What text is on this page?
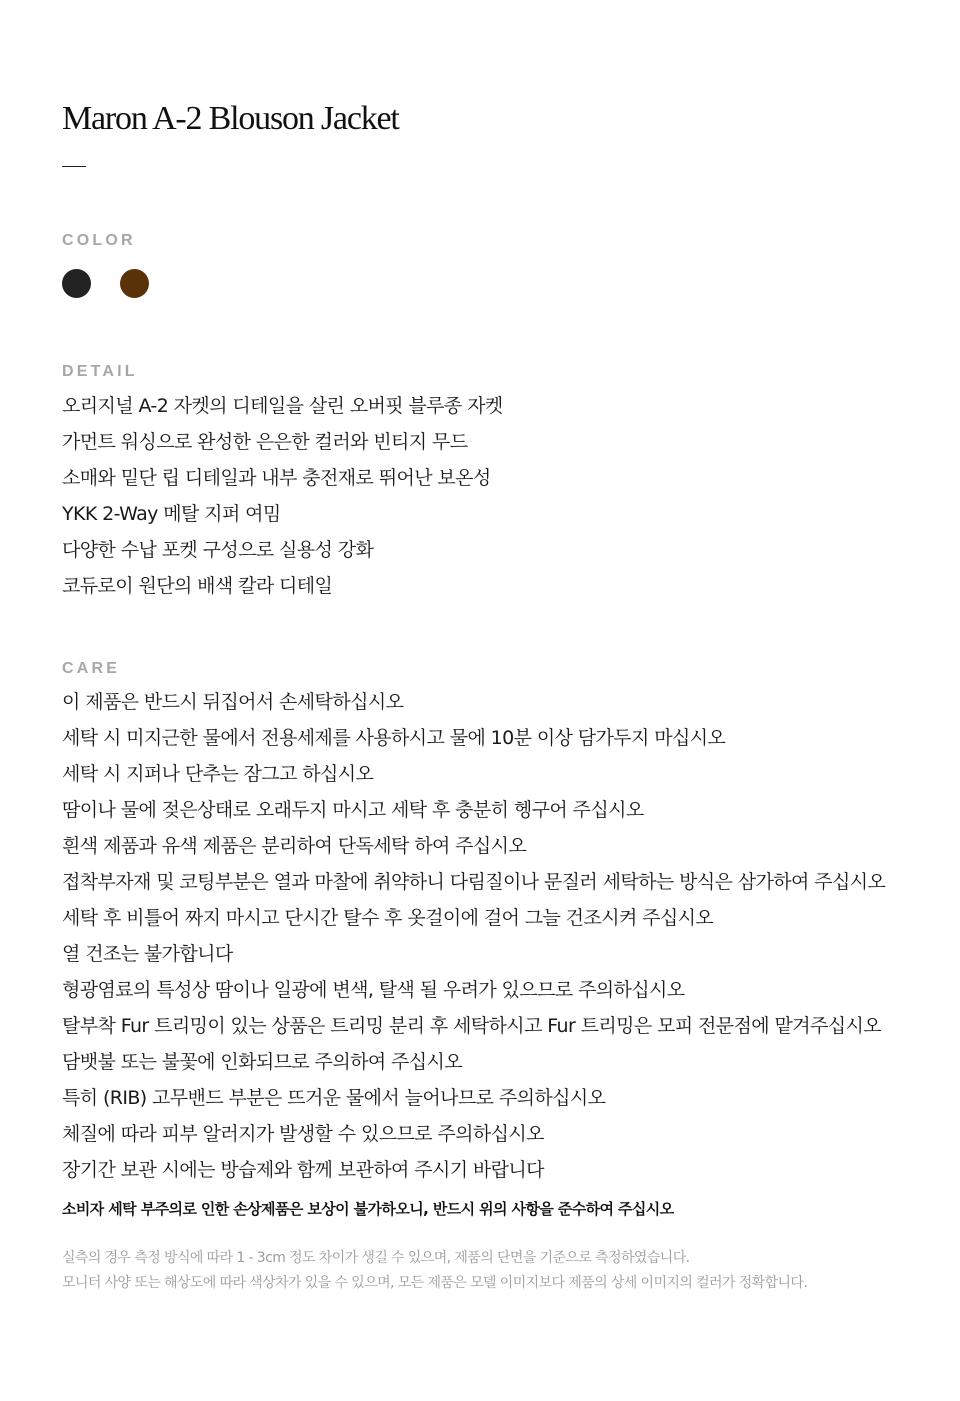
Maron A-2 Blouson Jacket
COLOR
DETAIL
오리지널 A-2 자켓의 디테일을 살린 오버핏 블루종 자켓
가먼트 워싱으로 완성한 은은한 컬러와 빈티지 무드
소매와 밑단 립 디테일과 내부 충전재로 뛰어난 보온성
YKK 2-Way 메탈 지퍼 여밈
다양한 수납 포켓 구성으로 실용성 강화
코듀로이 원단의 배색 칼라 디테일
CARE
이 제품은 반드시 뒤집어서 손세탁하십시오
세탁 시 미지근한 물에서 전용세제를 사용하시고 물에 10분 이상 담가두지 마십시오
세탁 시 지퍼나 단추는 잠그고 하십시오
땀이나 물에 젖은상태로 오래두지 마시고 세탁 후 충분히 헹구어 주십시오
흰색 제품과 유색 제품은 분리하여 단독세탁 하여 주십시오
접착부자재 및 코팅부분은 열과 마찰에 취약하니 다림질이나 문질러 세탁하는 방식은 삼가하여 주십시오
세탁 후 비틀어 짜지 마시고 단시간 탈수 후 옷걸이에 걸어 그늘 건조시켜 주십시오
열 건조는 불가합니다
형광염료의 특성상 땀이나 일광에 변색, 탈색 될 우려가 있으므로 주의하십시오
탈부착 Fur 트리밍이 있는 상품은 트리밍 분리 후 세탁하시고 Fur 트리밍은 모피 전문점에 맡겨주십시오
담뱃불 또는 불꽃에 인화되므로 주의하여 주십시오
특히 (RIB) 고무밴드 부분은 뜨거운 물에서 늘어나므로 주의하십시오
체질에 따라 피부 알러지가 발생할 수 있으므로 주의하십시오
장기간 보관 시에는 방습제와 함께 보관하여 주시기 바랍니다
소비자 세탁 부주의로 인한 손상제품은 보상이 불가하오니, 반드시 위의 사항을 준수하여 주십시오
실측의 경우 측정 방식에 따라 1 - 3cm 정도 차이가 생길 수 있으며, 제품의 단면을 기준으로 측정하였습니다.
모니터 사양 또는 해상도에 따라 색상차가 있을 수 있으며, 모든 제품은 모델 이미지보다 제품의 상세 이미지의 컬러가 정확합니다.
